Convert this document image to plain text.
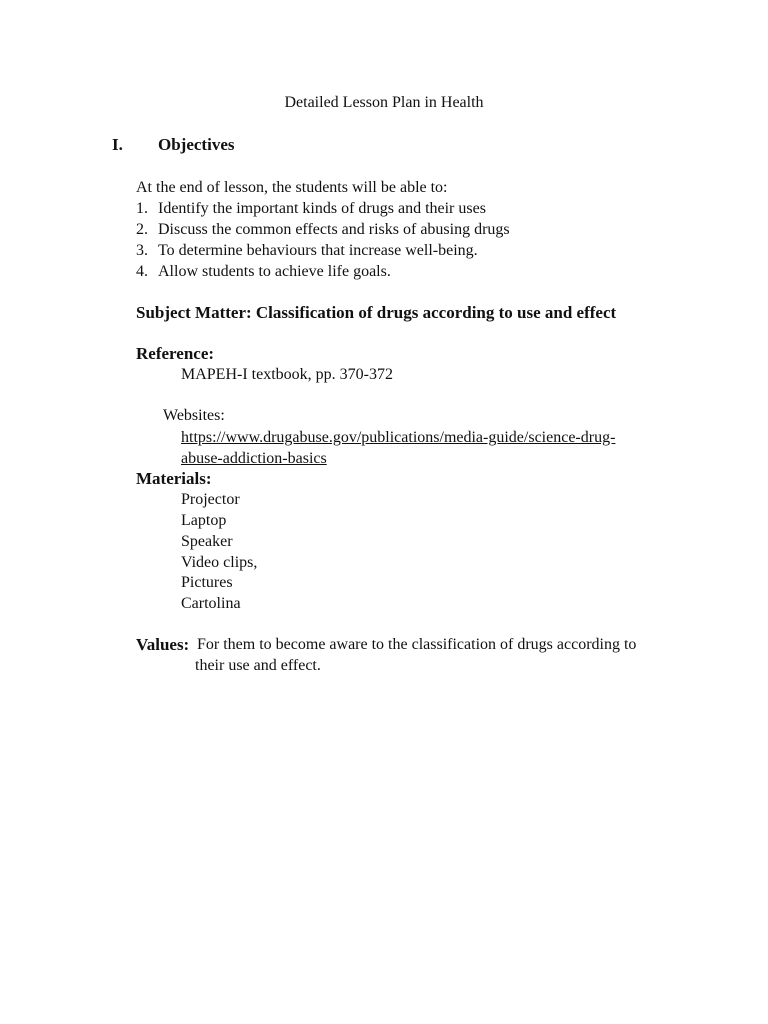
Detailed Lesson Plan in Health
I. Objectives
At the end of lesson, the students will be able to:
1. Identify the important kinds of drugs and their uses
2. Discuss the common effects and risks of abusing drugs
3. To determine behaviours that increase well-being.
4. Allow students to achieve life goals.
Subject Matter: Classification of drugs according to use and effect
Reference:
MAPEH-I textbook, pp. 370-372
Websites:
https://www.drugabuse.gov/publications/media-guide/science-drug-
abuse-addiction-basics
Materials:
Projector
Laptop
Speaker
Video clips,
Pictures
Cartolina
Values: For them to become aware to the classification of drugs according to
their use and effect.
